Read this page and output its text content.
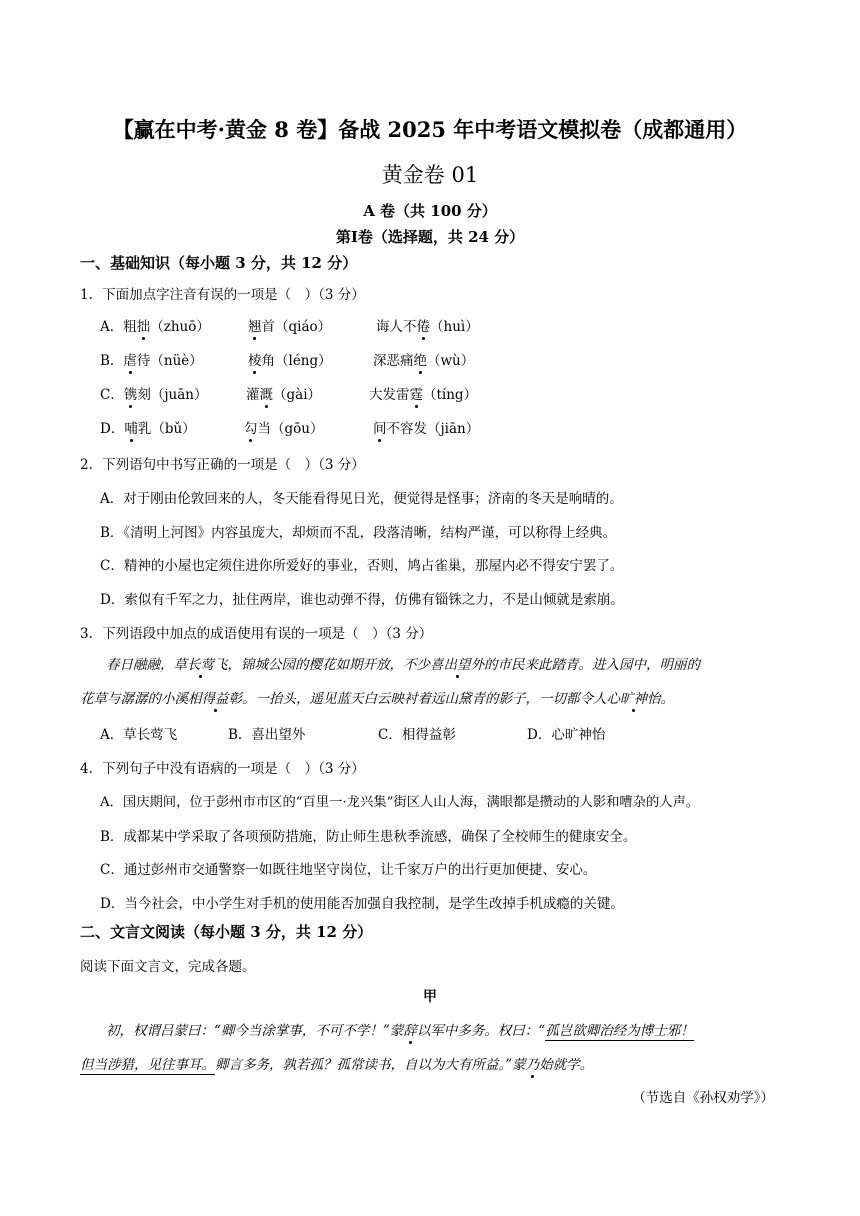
【赢在中考·黄金 8 卷】备战 2025 年中考语文模拟卷（成都通用）
黄金卷 01
A 卷（共 100 分）
第Ⅰ卷（选择题，共 24 分）
一、基础知识（每小题 3 分，共 12 分）
1．下面加点字注音有误的一项是（　）（3 分）
A．粗拙（zhuō）	翘首（qiáo）	诲人不倦（huì）
B．虐待（nüè）	棱角（léng）	深恶痛绝（wù）
C．镌刻（juān）	灌溉（gài）	大发雷霆（tíng）
D．哺乳（bǔ）	勾当（gōu）	间不容发（jiān）
2．下列语句中书写正确的一项是（　）（3 分）
A．对于刚由伦敦回来的人，冬天能看得见日光，便觉得是怪事；济南的冬天是响晴的。
B．《清明上河图》内容虽庞大，却烦而不乱，段落清晰，结构严谨，可以称得上经典。
C．精神的小屋也定须住进你所爱好的事业，否则，鸠占雀巢，那屋内必不得安宁罢了。
D．索似有千军之力，扯住两岸，谁也动弹不得，仿佛有锱铢之力，不是山倾就是索崩。
3．下列语段中加点的成语使用有误的一项是（　）（3 分）
春日融融，草长莺飞，锦城公园的樱花如期开放，不少喜出望外的市民来此踏青。进入园中，明丽的
花草与潺潺的小溪相得益彰。一抬头，遥见蓝天白云映衬着远山黛青的影子，一切都令人心旷神怡。
A．草长莺飞	B．喜出望外	C．相得益彰	D．心旷神怡
4．下列句子中没有语病的一项是（　）（3 分）
A．国庆期间，位于彭州市市区的“百里一·龙兴集”街区人山人海，满眼都是攒动的人影和嘈杂的人声。
B．成都某中学采取了各项预防措施，防止师生患秋季流感，确保了全校师生的健康安全。
C．通过彭州市交通警察一如既往地坚守岗位，让千家万户的出行更加便捷、安心。
D．当今社会，中小学生对手机的使用能否加强自我控制，是学生改掉手机成瘾的关键。
二、文言文阅读（每小题 3 分，共 12 分）
阅读下面文言文，完成各题。
甲
初，权谓吕蒙曰：“卿今当涂掌事，不可不学！”蒙辞以军中多务。权曰：“孤岂欲卿治经为博士邪！
但当涉猎，见往事耳。卿言多务，孰若孤？孤常读书，自以为大有所益。”蒙乃始就学。
（节选自《孙权劝学》）
